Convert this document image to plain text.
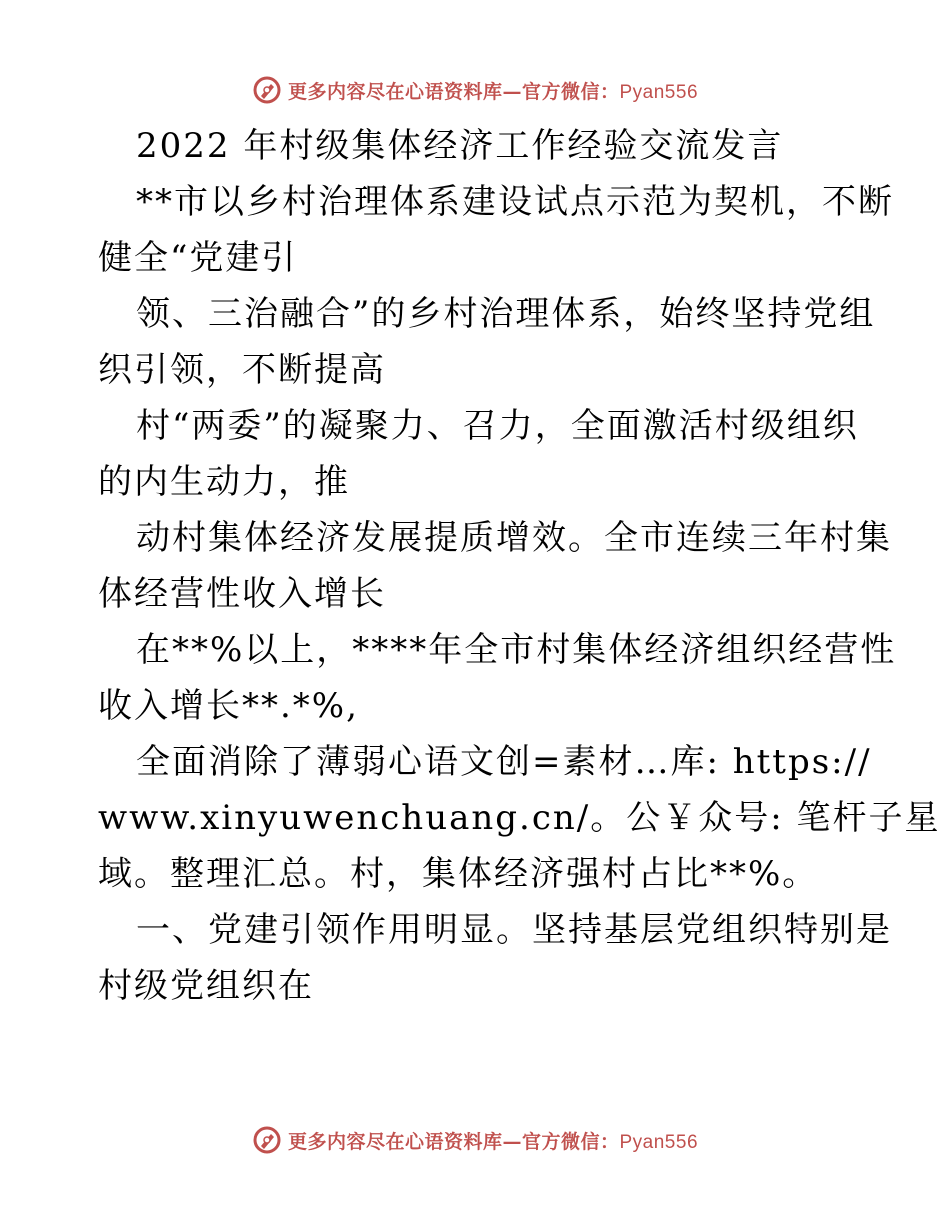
更多内容尽在心语资料库—官方微信：Pyan556
2022 年村级集体经济工作经验交流发言
**市以乡村治理体系建设试点示范为契机，不断
健全“党建引
领、三治融合”的乡村治理体系，始终坚持党组
织引领，不断提高
村“两委”的凝聚力、召力，全面激活村级组织
的内生动力，推
动村集体经济发展提质增效。全市连续三年村集
体经营性收入增长
在**%以上，****年全市村集体经济组织经营性
收入增长**.*%,
全面消除了薄弱心语文创=素材…库: https://
www.xinyuwenchuang.cn/。公￥众号: 笔杆子星
域。整理汇总。村，集体经济强村占比**%。
一、党建引领作用明显。坚持基层党组织特别是
村级党组织在
更多内容尽在心语资料库—官方微信：Pyan556
